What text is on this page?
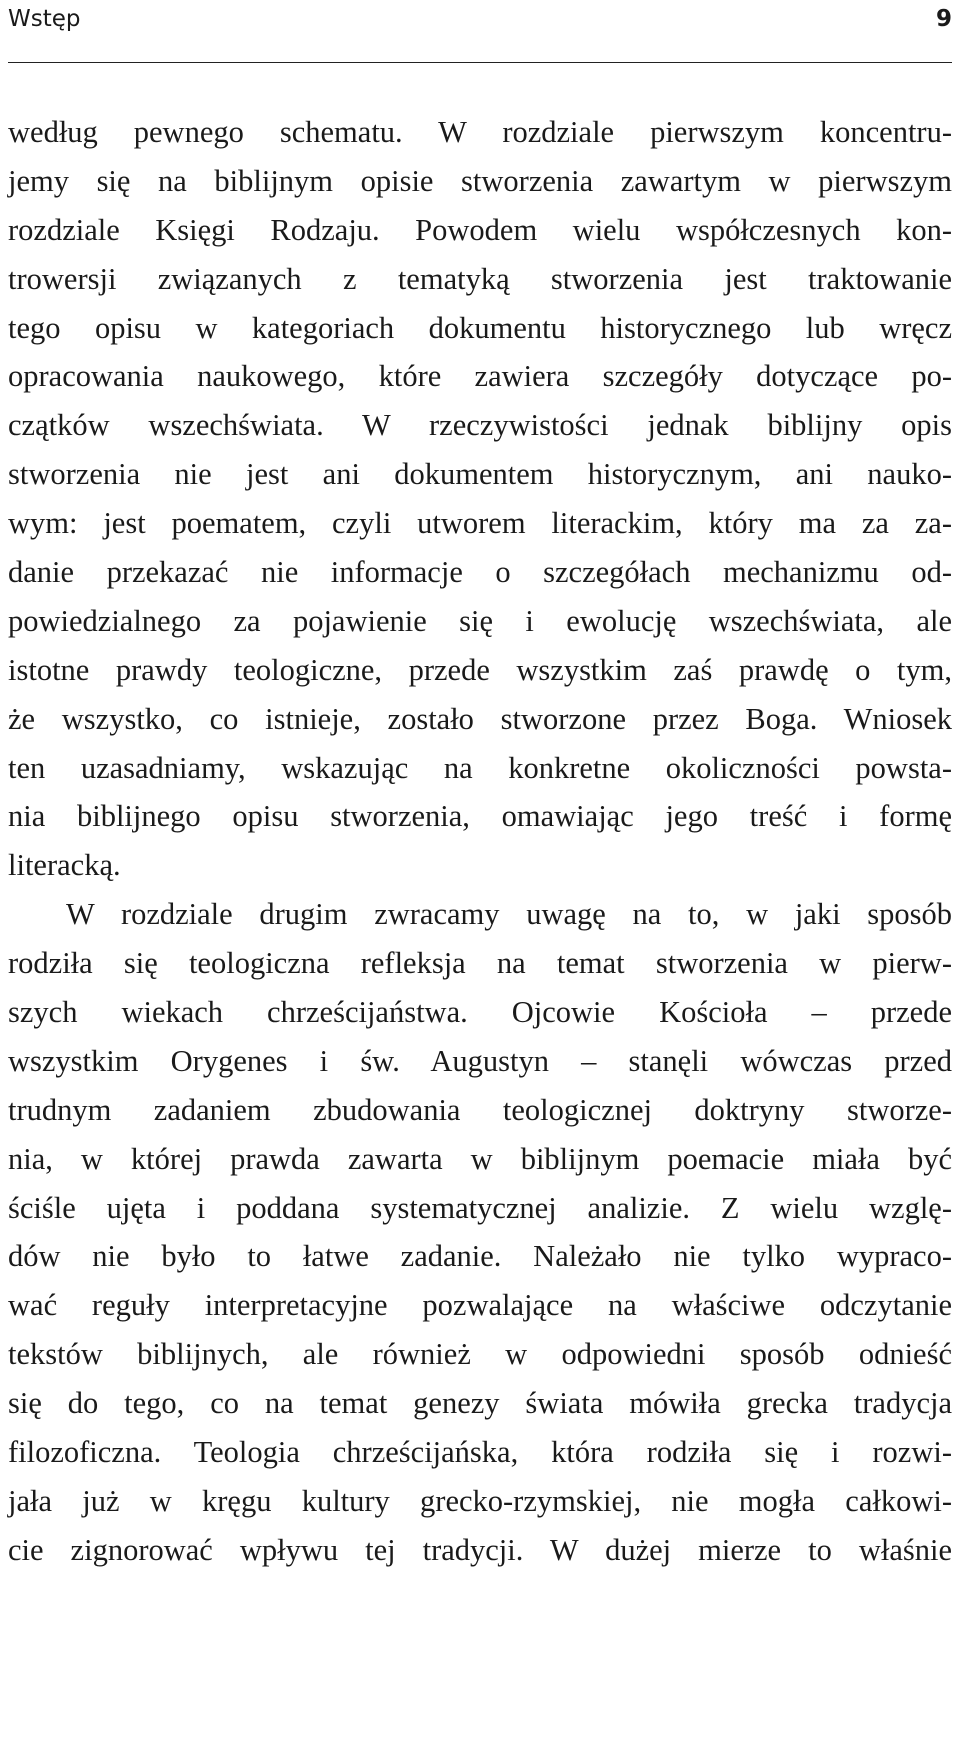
Wstęp	9
według pewnego schematu. W rozdziale pierwszym koncentru-
jemy się na biblijnym opisie stworzenia zawartym w pierwszym
rozdziale Księgi Rodzaju. Powodem wielu współczesnych kon-
trowersji związanych z tematyką stworzenia jest traktowanie
tego opisu w kategoriach dokumentu historycznego lub wręcz
opracowania naukowego, które zawiera szczegóły dotyczące po-
czątków wszechświata. W rzeczywistości jednak biblijny opis
stworzenia nie jest ani dokumentem historycznym, ani nauko-
wym: jest poematem, czyli utworem literackim, który ma za za-
danie przekazać nie informacje o szczegółach mechanizmu od-
powiedzialnego za pojawienie się i ewolucję wszechświata, ale
istotne prawdy teologiczne, przede wszystkim zaś prawdę o tym,
że wszystko, co istnieje, zostało stworzone przez Boga. Wniosek
ten uzasadniamy, wskazując na konkretne okoliczności powsta-
nia biblijnego opisu stworzenia, omawiając jego treść i formę
literacką.
W rozdziale drugim zwracamy uwagę na to, w jaki sposób
rodziła się teologiczna refleksja na temat stworzenia w pierw-
szych wiekach chrześcijaństwa. Ojcowie Kościoła – przede
wszystkim Orygenes i św. Augustyn – stanęli wówczas przed
trudnym zadaniem zbudowania teologicznej doktryny stworze-
nia, w której prawda zawarta w biblijnym poemacie miała być
ściśle ujęta i poddana systematycznej analizie. Z wielu wzglę-
dów nie było to łatwe zadanie. Należało nie tylko wypraco-
wać reguły interpretacyjne pozwalające na właściwe odczytanie
tekstów biblijnych, ale również w odpowiedni sposób odnieść
się do tego, co na temat genezy świata mówiła grecka tradycja
filozoficzna. Teologia chrześcijańska, która rodziła się i rozwi-
jała już w kręgu kultury grecko-rzymskiej, nie mogła całkowi-
cie zignorować wpływu tej tradycji. W dużej mierze to właśnie
